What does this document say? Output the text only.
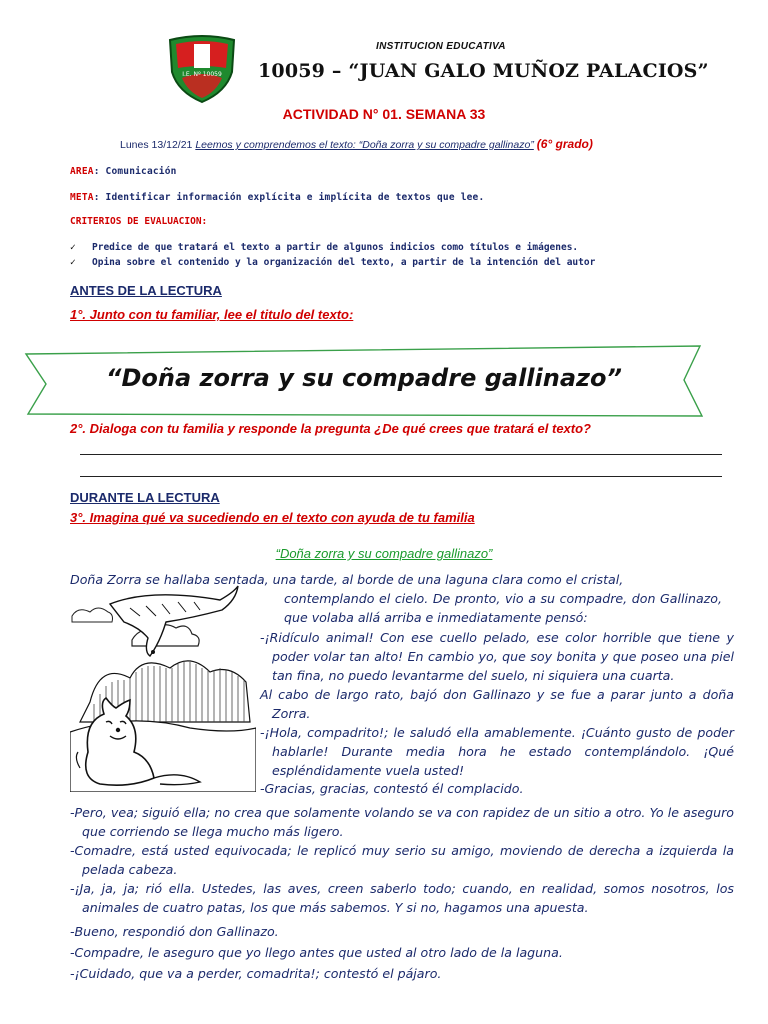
I.E. Nº 10059
INSTITUCION EDUCATIVA
10059 – “JUAN GALO MUÑOZ PALACIOS”
ACTIVIDAD N° 01. SEMANA 33
Lunes 13/12/21 Leemos y comprendemos el texto: “Doña zorra y su compadre gallinazo” (6° grado)
AREA: Comunicación
META: Identificar información explícita e implícita de textos que lee.
CRITERIOS DE EVALUACION:
✓ Predice de que tratará el texto a partir de algunos indicios como títulos e imágenes.
✓ Opina sobre el contenido y la organización del texto, a partir de la intención del autor
ANTES DE LA LECTURA
1°. Junto con tu familiar, lee el titulo del texto:
“Doña zorra y su compadre gallinazo”
2°. Dialoga con tu familia y responde la pregunta ¿De qué crees que tratará el texto?
DURANTE LA LECTURA
3°. Imagina qué va sucediendo en el texto con ayuda de tu familia
“Doña zorra y su compadre gallinazo”
Doña Zorra se hallaba sentada, una tarde, al borde de una laguna clara como el cristal,
contemplando el cielo. De pronto, vio a su compadre, don Gallinazo, que volaba allá arriba e inmediatamente pensó:
-¡Ridículo animal! Con ese cuello pelado, ese color horrible que tiene y poder volar tan alto! En cambio yo, que soy bonita y que poseo una piel tan fina, no puedo levantarme del suelo, ni siquiera una cuarta.
Al cabo de largo rato, bajó don Gallinazo y se fue a parar junto a doña Zorra.
-¡Hola, compadrito!; le saludó ella amablemente. ¡Cuánto gusto de poder hablarle! Durante media hora he estado contemplándolo. ¡Qué espléndidamente vuela usted!
-Gracias, gracias, contestó él complacido.
-Pero, vea; siguió ella; no crea que solamente volando se va con rapidez de un sitio a otro. Yo le aseguro que corriendo se llega mucho más ligero.
-Comadre, está usted equivocada; le replicó muy serio su amigo, moviendo de derecha a izquierda la pelada cabeza.
-¡Ja, ja, ja; rió ella. Ustedes, las aves, creen saberlo todo; cuando, en realidad, somos nosotros, los animales de cuatro patas, los que más sabemos. Y si no, hagamos una apuesta.
-Bueno, respondió don Gallinazo.
-Compadre, le aseguro que yo llego antes que usted al otro lado de la laguna.
-¡Cuidado, que va a perder, comadrita!; contestó el pájaro.
